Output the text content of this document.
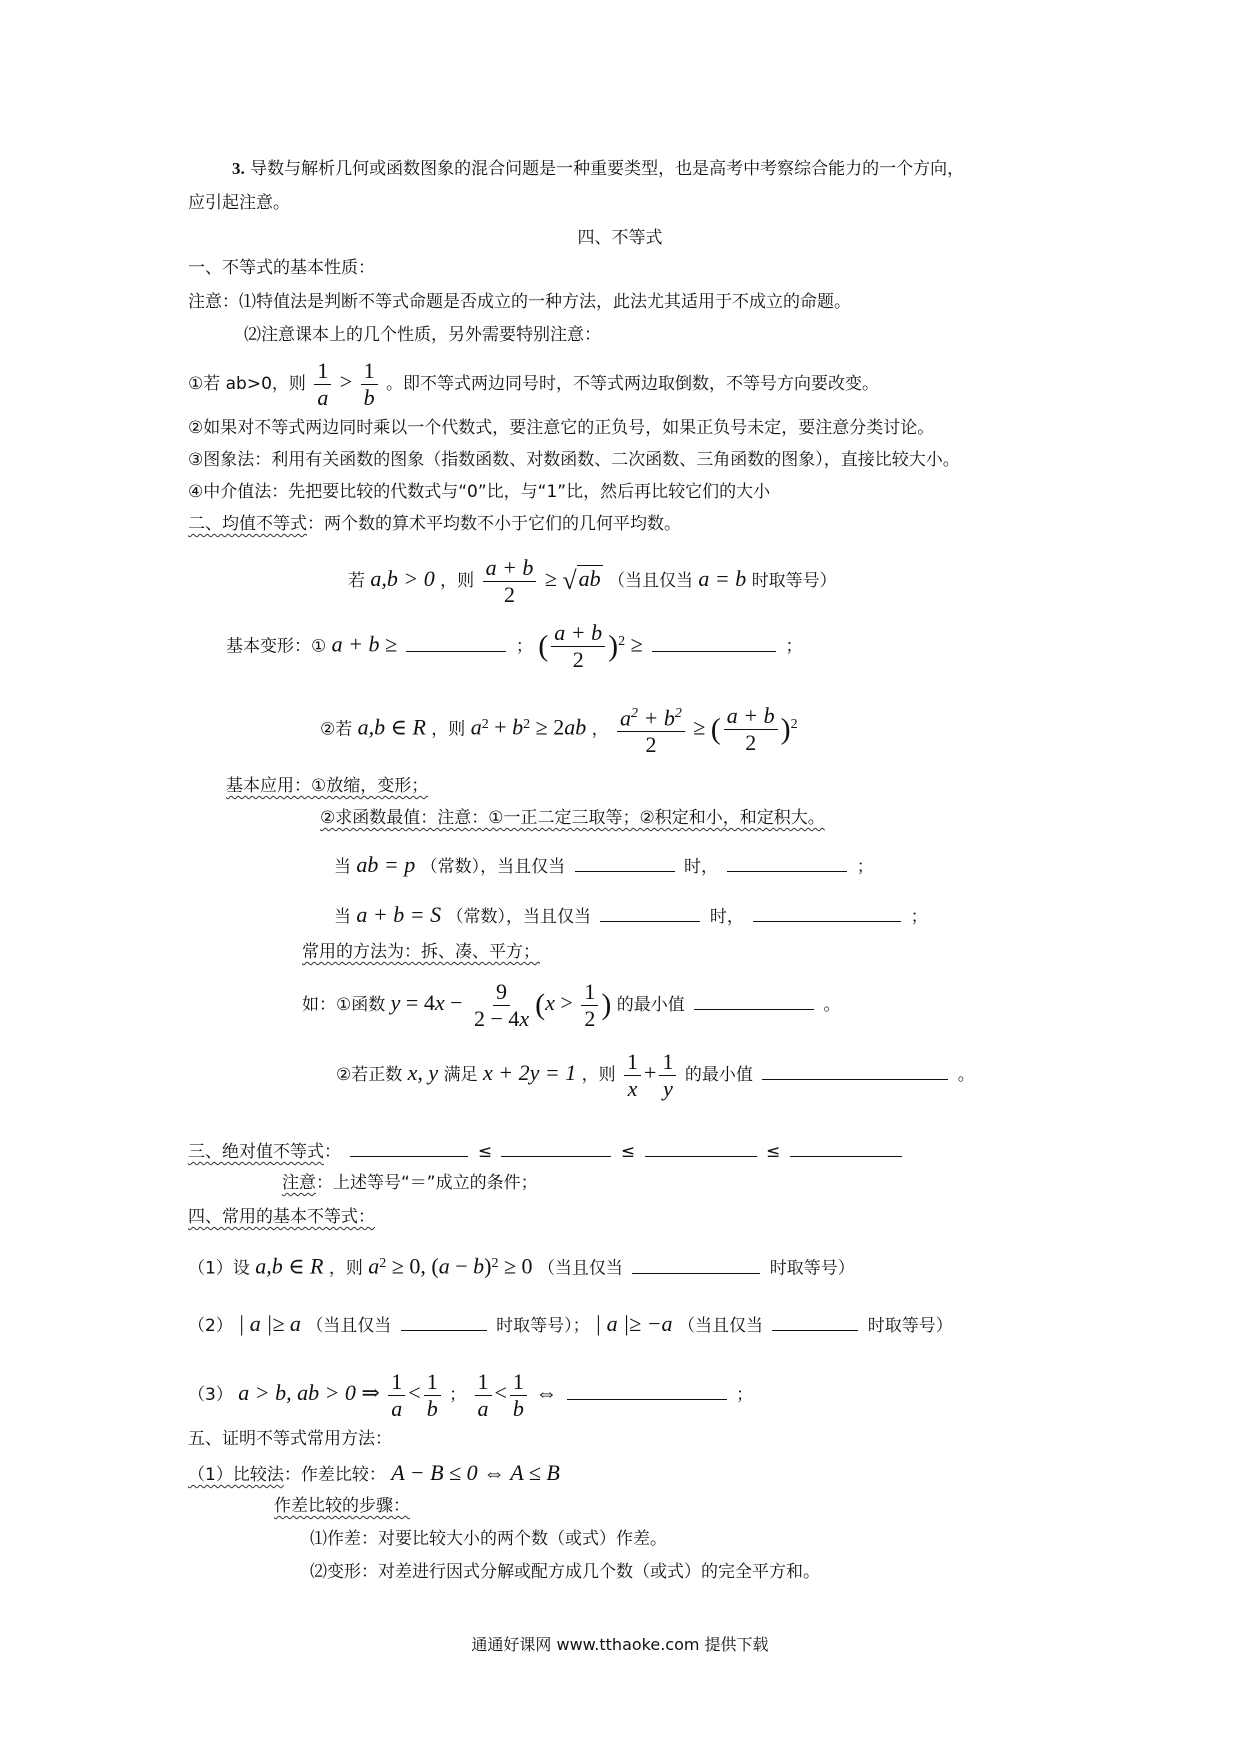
3. 导数与解析几何或函数图象的混合问题是一种重要类型，也是高考中考察综合能力的一个方向，
应引起注意。
四、不等式
一、不等式的基本性质：
注意：⑴特值法是判断不等式命题是否成立的一种方法，此法尤其适用于不成立的命题。
⑵注意课本上的几个性质，另外需要特别注意：
①若 ab>0，则 $\frac{1}{a} > \frac{1}{b}$ 。即不等式两边同号时，不等式两边取倒数，不等号方向要改变。
②如果对不等式两边同时乘以一个代数式，要注意它的正负号，如果正负号未定，要注意分类讨论。
③图象法：利用有关函数的图象（指数函数、对数函数、二次函数、三角函数的图象），直接比较大小。
④中介值法：先把要比较的代数式与“0”比，与“1”比，然后再比较它们的大小
二、均值不等式：两个数的算术平均数不小于它们的几何平均数。
若 a,b > 0 ，则 $\frac{a + b}{2} \ge √ab$ （当且仅当 a = b 时取等号）
基本变形：① a + b ≥	； ( $\frac{a + b}{2} )^2$ ≥	；
②若 a,b ∈ R ，则 $a^2 + b^2 \ge 2ab$ ， $\frac{a^2 + b^2}{2}$ ≥ ( $\frac{a + b}{2} )^2$
基本应用：①放缩，变形；
②求函数最值：注意：①一正二定三取等；②积定和小，和定积大。
当 ab = p （常数），当且仅当	时，	；
当 a + b = S （常数），当且仅当	时，	；
常用的方法为：拆、凑、平方；
如：①函数 $y = 4x - \frac{9}{2 - 4x} (x > \frac{1}{2}$ ) 的最小值	。
②若正数 x, y 满足 x + 2y = 1 ，则 $\frac{1}{x} + \frac{1}{y}$ 的最小值	。
三、绝对值不等式：	≤	≤	≤
注意：上述等号“＝”成立的条件；
四、常用的基本不等式：
（1）设 a,b ∈ R ，则 $a^2 \ge 0$, $(a - b)^2 \ge 0$ （当且仅当	时取等号）
（2） | a |≥ a （当且仅当	时取等号）； | a |≥ −a （当且仅当	时取等号）
（3） a > b, ab > 0 ⇒ $\frac{1}{a} < \frac{1}{b}$ ； $\frac{1}{a} < \frac{1}{b}$ ⇔	；
五、证明不等式常用方法：
（1）比较法：作差比较： A − B ≤ 0 ⇔ A ≤ B
作差比较的步骤：
⑴作差：对要比较大小的两个数（或式）作差。
⑵变形：对差进行因式分解或配方成几个数（或式）的完全平方和。
通通好课网 www.tthaoke.com 提供下载
